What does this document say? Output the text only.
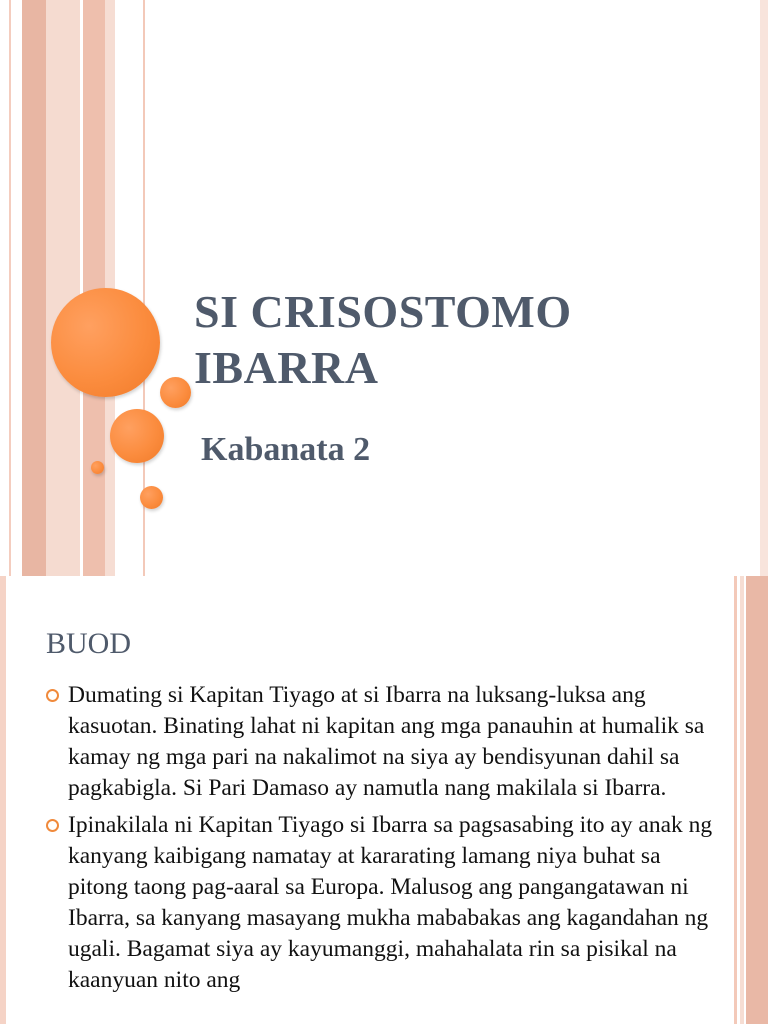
SI CRISOSTOMO
IBARRA

Kabanata 2

BUOD
Dumating si Kapitan Tiyago at si Ibarra na luksang-luksa ang kasuotan. Binating lahat ni kapitan ang mga panauhin at humalik sa kamay ng mga pari na nakalimot na siya ay bendisyunan dahil sa pagkabigla. Si Pari Damaso ay namutla nang makilala si Ibarra.
Ipinakilala ni Kapitan Tiyago si Ibarra sa pagsasabing ito ay anak ng kanyang kaibigang namatay at kararating lamang niya buhat sa pitong taong pag-aaral sa Europa. Malusog ang pangangatawan ni Ibarra, sa kanyang masayang mukha mababakas ang kagandahan ng ugali. Bagamat siya ay kayumanggi, mahahalata rin sa pisikal na kaanyuan nito ang
